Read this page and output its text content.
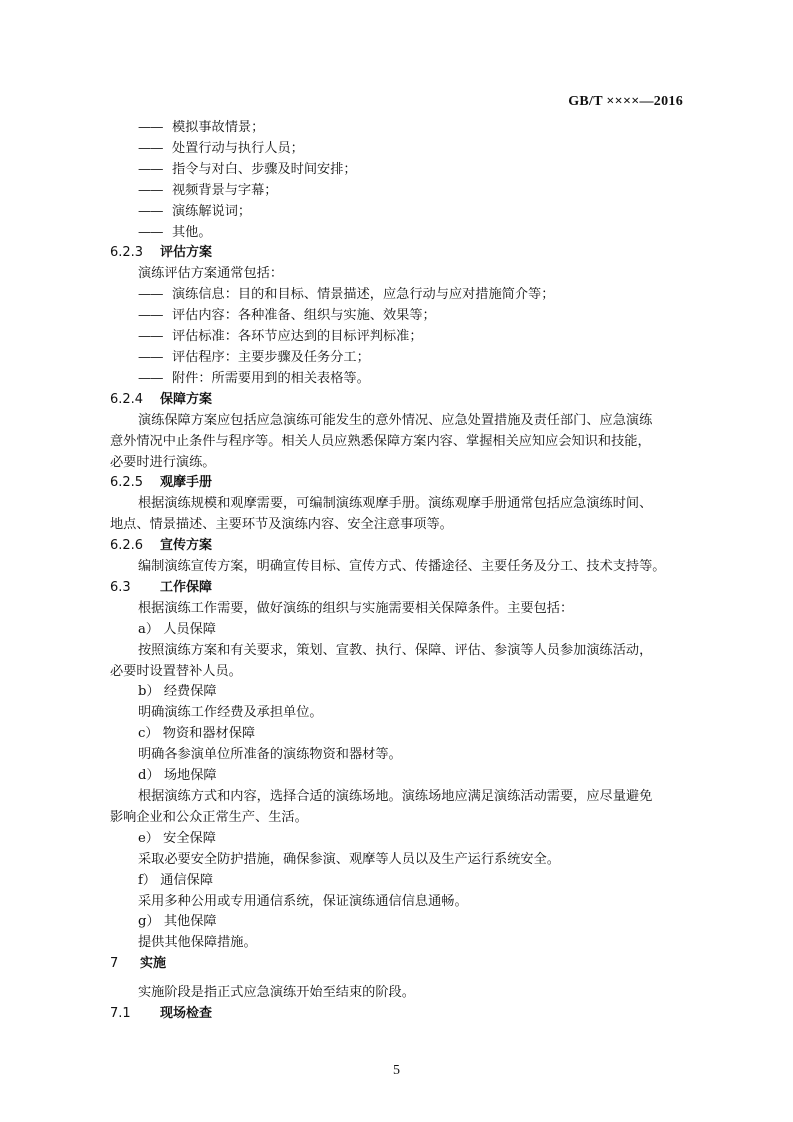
GB/T ××××—2016
—— 模拟事故情景；
—— 处置行动与执行人员；
—— 指令与对白、步骤及时间安排；
—— 视频背景与字幕；
—— 演练解说词；
—— 其他。
6.2.3 评估方案
演练评估方案通常包括：
—— 演练信息：目的和目标、情景描述，应急行动与应对措施简介等；
—— 评估内容：各种准备、组织与实施、效果等；
—— 评估标准：各环节应达到的目标评判标准；
—— 评估程序：主要步骤及任务分工；
—— 附件：所需要用到的相关表格等。
6.2.4 保障方案
演练保障方案应包括应急演练可能发生的意外情况、应急处置措施及责任部门、应急演练
意外情况中止条件与程序等。相关人员应熟悉保障方案内容、掌握相关应知应会知识和技能，
必要时进行演练。
6.2.5 观摩手册
根据演练规模和观摩需要，可编制演练观摩手册。演练观摩手册通常包括应急演练时间、
地点、情景描述、主要环节及演练内容、安全注意事项等。
6.2.6 宣传方案
编制演练宣传方案，明确宣传目标、宣传方式、传播途径、主要任务及分工、技术支持等。
6.3 工作保障
根据演练工作需要，做好演练的组织与实施需要相关保障条件。主要包括：
a） 人员保障
按照演练方案和有关要求，策划、宣教、执行、保障、评估、参演等人员参加演练活动，
必要时设置替补人员。
b） 经费保障
明确演练工作经费及承担单位。
c） 物资和器材保障
明确各参演单位所准备的演练物资和器材等。
d） 场地保障
根据演练方式和内容，选择合适的演练场地。演练场地应满足演练活动需要，应尽量避免
影响企业和公众正常生产、生活。
e） 安全保障
采取必要安全防护措施，确保参演、观摩等人员以及生产运行系统安全。
f） 通信保障
采用多种公用或专用通信系统，保证演练通信信息通畅。
g） 其他保障
提供其他保障措施。
7 实施
实施阶段是指正式应急演练开始至结束的阶段。
7.1 现场检查
5
